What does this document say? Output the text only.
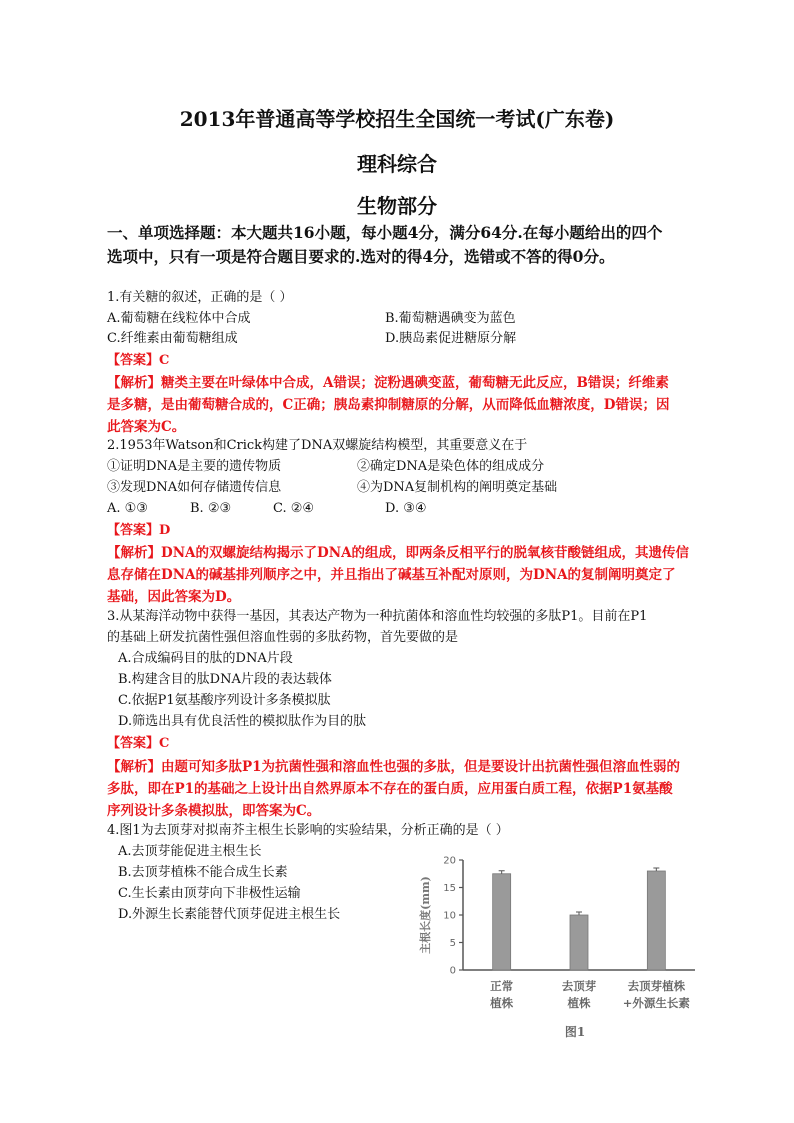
2013年普通高等学校招生全国统一考试(广东卷)
理科综合
生物部分
一、单项选择题：本大题共16小题，每小题4分，满分64分.在每小题给出的四个
选项中，只有一项是符合题目要求的.选对的得4分，选错或不答的得0分。
1.有关糖的叙述，正确的是（ ）
A.葡萄糖在线粒体中合成	B.葡萄糖遇碘变为蓝色
C.纤维素由葡萄糖组成	D.胰岛素促进糖原分解
【答案】C
【解析】糖类主要在叶绿体中合成，A错误；淀粉遇碘变蓝，葡萄糖无此反应，B错误；纤维素
是多糖，是由葡萄糖合成的，C正确；胰岛素抑制糖原的分解，从而降低血糖浓度，D错误；因
此答案为C。
2.1953年Watson和Crick构建了DNA双螺旋结构模型，其重要意义在于
①证明DNA是主要的遗传物质	②确定DNA是染色体的组成成分
③发现DNA如何存储遗传信息	④为DNA复制机构的阐明奠定基础
A. ①③	B. ②③	C. ②④	D. ③④
【答案】D
【解析】DNA的双螺旋结构揭示了DNA的组成，即两条反相平行的脱氧核苷酸链组成，其遗传信
息存储在DNA的碱基排列顺序之中，并且指出了碱基互补配对原则，为DNA的复制阐明奠定了
基础，因此答案为D。
3.从某海洋动物中获得一基因，其表达产物为一种抗菌体和溶血性均较强的多肽P1。目前在P1
的基础上研发抗菌性强但溶血性弱的多肽药物，首先要做的是
A.合成编码目的肽的DNA片段
B.构建含目的肽DNA片段的表达载体
C.依据P1氨基酸序列设计多条模拟肽
D.筛选出具有优良活性的模拟肽作为目的肽
【答案】C
【解析】由题可知多肽P1为抗菌性强和溶血性也强的多肽，但是要设计出抗菌性强但溶血性弱的
多肽，即在P1的基础之上设计出自然界原本不存在的蛋白质，应用蛋白质工程，依据P1氨基酸
序列设计多条模拟肽，即答案为C。
4.图1为去顶芽对拟南芥主根生长影响的实验结果，分析正确的是（ ）
A.去顶芽能促进主根生长
B.去顶芽植株不能合成生长素
C.生长素由顶芽向下非极性运输
D.外源生长素能替代顶芽促进主根生长
0
5
10
15
20
主根长度(mm)
正常
植株
去顶芽
植株
去顶芽植株
+外源生长素
图1
